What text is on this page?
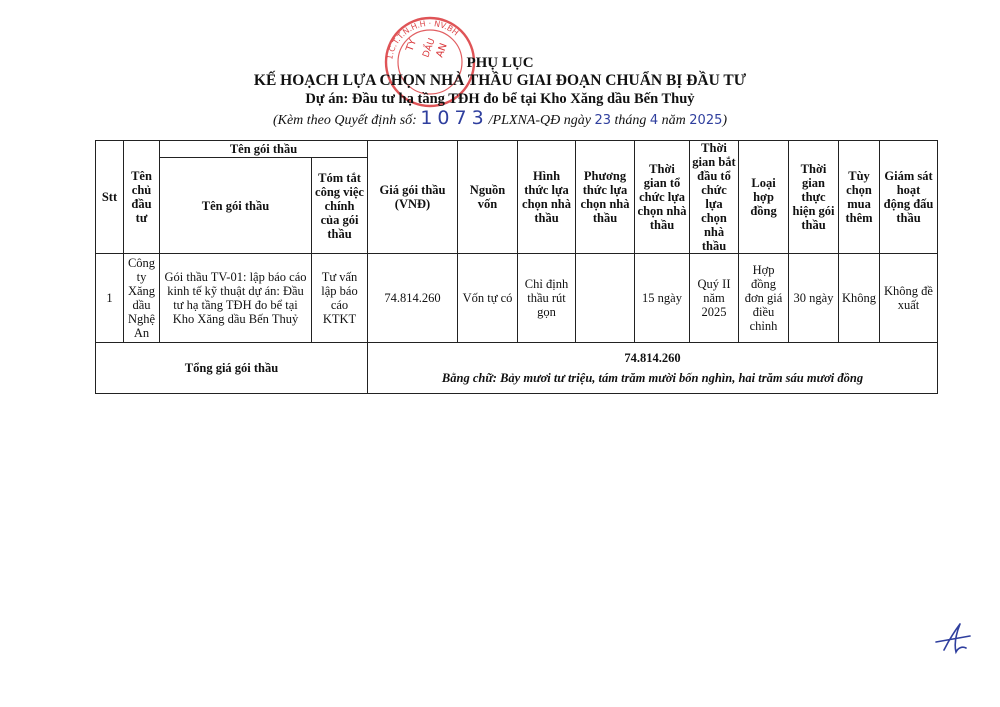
1.C.T.T.N.H.H · NV.BH
TY DẦU
AN
PHỤ LỤC
KẾ HOẠCH LỰA CHỌN NHÀ THẦU GIAI ĐOẠN CHUẨN BỊ ĐẦU TƯ
Dự án: Đầu tư hạ tầng TĐH đo bể tại Kho Xăng dầu Bến Thuỷ
(Kèm theo Quyết định số: 1073/PLXNA-QĐ ngày 23 tháng 4 năm 2025)
Stt	Tên chủ đầu tư	Tên gói thầu		Giá gói thầu (VNĐ)	Nguồn vốn	Hình thức lựa chọn nhà thầu	Phương thức lựa chọn nhà thầu	Thời gian tổ chức lựa chọn nhà thầu	Thời gian bắt đầu tổ chức lựa chọn nhà thầu	Loại hợp đồng	Thời gian thực hiện gói thầu	Tùy chọn mua thêm	Giám sát hoạt động đấu thầu
		Tên gói thầu	Tóm tắt công việc chính của gói thầu										
1	Công ty Xăng dầu Nghệ An	Gói thầu TV-01: lập báo cáo kinh tế kỹ thuật dự án: Đầu tư hạ tầng TĐH đo bể tại Kho Xăng dầu Bến Thuỷ	Tư vấn lập báo cáo KTKT	74.814.260	Vốn tự có	Chỉ định thầu rút gọn		15 ngày	Quý II năm 2025	Hợp đồng đơn giá điều chỉnh	30 ngày	Không	Không đề xuất
Tổng giá gói thầu				74.814.260
Bằng chữ: Bảy mươi tư triệu, tám trăm mười bốn nghìn, hai trăm sáu mươi đồng									
